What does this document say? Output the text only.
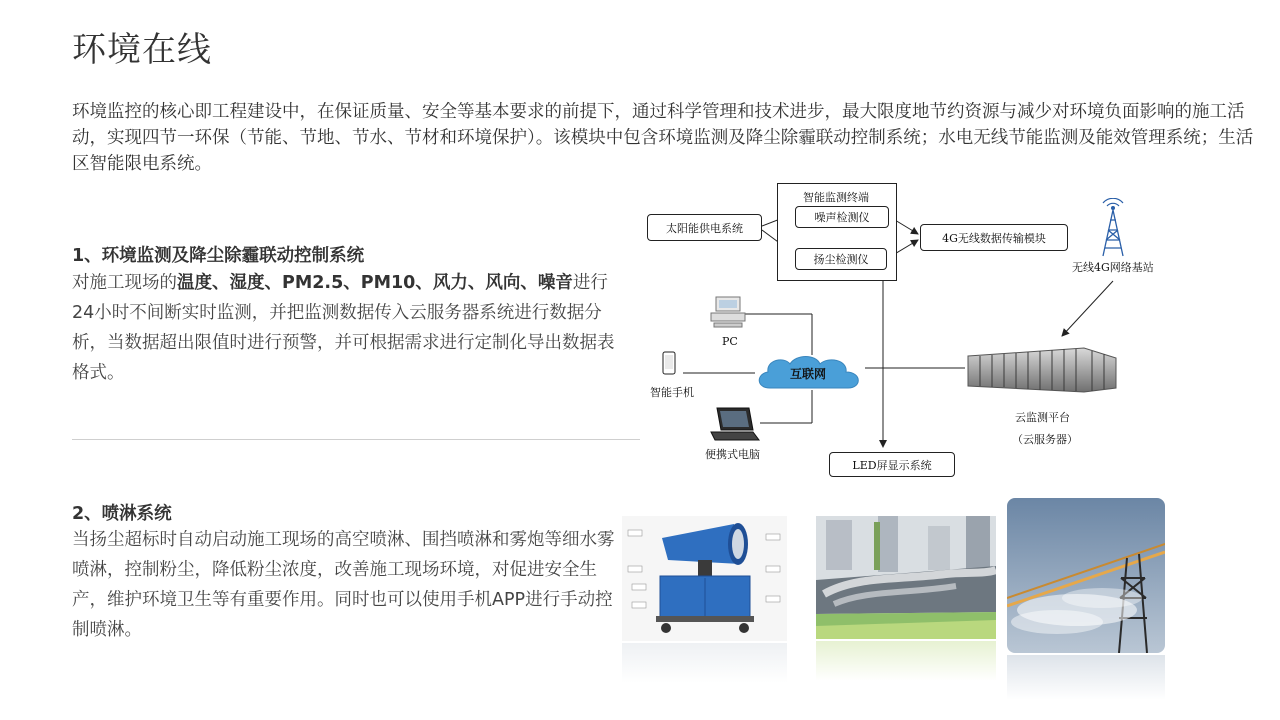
环境在线
环境监控的核心即工程建设中，在保证质量、安全等基本要求的前提下，通过科学管理和技术进步，最大限度地节约资源与减少对环境负面影响的施工活动，实现四节一环保（节能、节地、节水、节材和环境保护）。该模块中包含环境监测及降尘除霾联动控制系统；水电无线节能监测及能效管理系统；生活区智能限电系统。
1、环境监测及降尘除霾联动控制系统
对施工现场的温度、湿度、PM2.5、PM10、风力、风向、噪音进行24小时不间断实时监测，并把监测数据传入云服务器系统进行数据分析，当数据超出限值时进行预警，并可根据需求进行定制化导出数据表格式。
2、喷淋系统
当扬尘超标时自动启动施工现场的高空喷淋、围挡喷淋和雾炮等细水雾喷淋，控制粉尘，降低粉尘浓度，改善施工现场环境，对促进安全生产，维护环境卫生等有重要作用。同时也可以使用手机APP进行手动控制喷淋。
智能监测终端
噪声检测仪
扬尘检测仪
太阳能供电系统
4G无线数据传输模块
LED屏显示系统
无线4G网络基站
PC
智能手机
便携式电脑
互联网
云监测平台
（云服务器）
